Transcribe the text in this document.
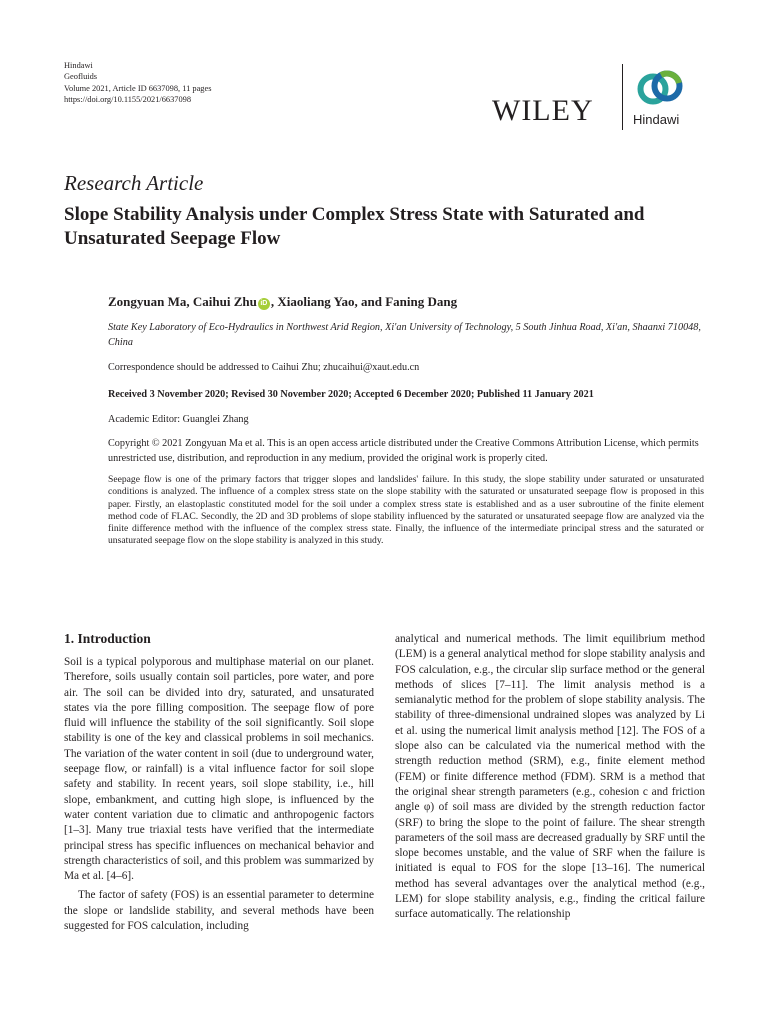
Hindawi
Geofluids
Volume 2021, Article ID 6637098, 11 pages
https://doi.org/10.1155/2021/6637098	WILEY	Hindawi
Research Article
Slope Stability Analysis under Complex Stress State with Saturated and Unsaturated Seepage Flow
Zongyuan Ma, Caihui Zhu iD , Xiaoliang Yao, and Faning Dang
State Key Laboratory of Eco-Hydraulics in Northwest Arid Region, Xi'an University of Technology, 5 South Jinhua Road, Xi'an, Shaanxi 710048, China
Correspondence should be addressed to Caihui Zhu; zhucaihui@xaut.edu.cn
Received 3 November 2020; Revised 30 November 2020; Accepted 6 December 2020; Published 11 January 2021
Academic Editor: Guanglei Zhang
Copyright © 2021 Zongyuan Ma et al. This is an open access article distributed under the Creative Commons Attribution License, which permits unrestricted use, distribution, and reproduction in any medium, provided the original work is properly cited.
Seepage flow is one of the primary factors that trigger slopes and landslides' failure. In this study, the slope stability under saturated or unsaturated conditions is analyzed. The influence of a complex stress state on the slope stability with the saturated or unsaturated seepage flow is proposed in this paper. Firstly, an elastoplastic constituted model for the soil under a complex stress state is established and as a user subroutine of the finite element method code of FLAC. Secondly, the 2D and 3D problems of slope stability influenced by the saturated or unsaturated seepage flow are analyzed via the finite difference method with the influence of the complex stress state. Finally, the influence of the intermediate principal stress and the saturated or unsaturated seepage flow on the slope stability is analyzed in this study.
1. Introduction

Soil is a typical polyporous and multiphase material on our planet. Therefore, soils usually contain soil particles, pore water, and pore air. The soil can be divided into dry, saturated, and unsaturated states via the pore filling composition. The seepage flow of pore fluid will influence the stability of the soil significantly. Soil slope stability is one of the key and classical problems in soil mechanics. The variation of the water content in soil (due to underground water, seepage flow, or rainfall) is a vital influence factor for soil slope safety and stability. In recent years, soil slope stability, i.e., hill slope, embankment, and cutting high slope, is influenced by the water content variation due to climatic and anthropogenic factors [1–3]. Many true triaxial tests have verified that the intermediate principal stress has specific influences on mechanical behavior and strength characteristics of soil, and this problem was summarized by Ma et al. [4–6].

The factor of safety (FOS) is an essential parameter to determine the slope or landslide stability, and several methods have been suggested for FOS calculation, including

analytical and numerical methods. The limit equilibrium method (LEM) is a general analytical method for slope stability analysis and FOS calculation, e.g., the circular slip surface method or the general methods of slices [7–11]. The limit analysis method is a semianalytic method for the problem of slope stability analysis. The stability of three-dimensional undrained slopes was analyzed by Li et al. using the numerical limit analysis method [12]. The FOS of a slope also can be calculated via the numerical method with the strength reduction method (SRM), e.g., finite element method (FEM) or finite difference method (FDM). SRM is a method that the original shear strength parameters (e.g., cohesion c and friction angle φ) of soil mass are divided by the strength reduction factor (SRF) to bring the slope to the point of failure. The shear strength parameters of the soil mass are decreased gradually by SRF until the slope becomes unstable, and the value of SRF when the failure is initiated is equal to FOS for the slope [13–16]. The numerical method has several advantages over the analytical method (e.g., LEM) for slope stability analysis, e.g., finding the critical failure surface automatically. The relationship
